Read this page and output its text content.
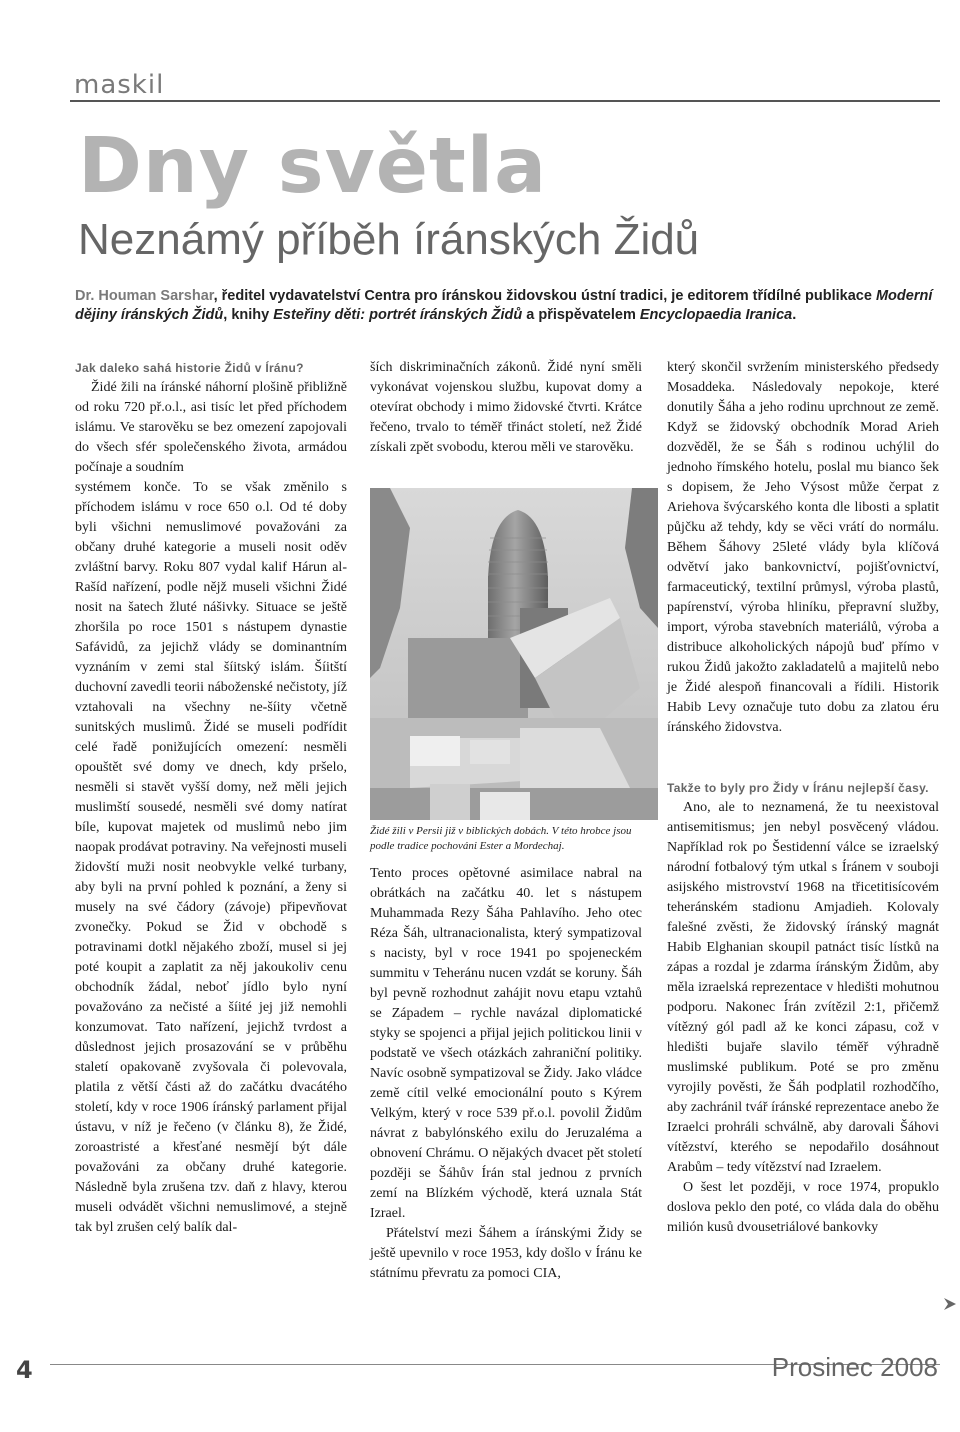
maskil
Dny světla
Neznámý příběh íránských Židů
Dr. Houman Sarshar, ředitel vydavatelství Centra pro íránskou židovskou ústní tradici, je editorem třídílné publikace Moderní dějiny íránských Židů, knihy Esteřiny děti: portrét íránských Židů a přispěvatelem Encyclopaedia Iranica.

Jak daleko sahá historie Židů v Íránu?

Židé žili na íránské náhorní plošině přibližně od roku 720 př.o.l., asi tisíc let před příchodem islámu. Ve starověku se bez omezení zapojovali do všech sfér společenského života, armádou počínaje a soudním

systémem konče. To se však změnilo s příchodem islámu v roce 650 o.l. Od té doby byli všichni nemuslimové považováni za občany druhé kategorie a museli nosit oděv zvláštní barvy. Roku 807 vydal kalif Hárun al-Rašíd nařízení, podle nějž museli všichni Židé nosit na šatech žluté nášivky. Situace se ještě zhoršila po roce 1501 s nástupem dynastie Safávidů, za jejichž vlády se dominantním vyznáním v zemi stal šíitský islám. Šíitští duchovní zavedli teorii náboženské nečistoty, jíž vztahovali na všechny ne-šíity včetně sunitských muslimů. Židé se museli podřídit celé řadě ponižujících omezení: nesměli opouštět své domy ve dnech, kdy pršelo, nesměli si stavět vyšší domy, než měli jejich muslimští sousedé, nesměli své domy natírat bíle, kupovat majetek od muslimů nebo jim naopak prodávat potraviny. Na veřejnosti museli židovští muži nosit neobvykle velké turbany, aby byli na první pohled k poznání, a ženy si musely na své čádory (závoje) připevňovat zvonečky. Pokud se Žid v obchodě s potravinami dotkl nějakého zboží, musel si jej poté koupit a zaplatit za něj jakoukoliv cenu obchodník žádal, neboť jídlo bylo nyní považováno za nečisté a šíité jej již nemohli konzumovat. Tato nařízení, jejichž tvrdost a důslednost jejich prosazování se v průběhu staletí opakovaně zvyšovala či polevovala, platila z větší části až do začátku dvacátého století, kdy v roce 1906 íránský parlament přijal ústavu, v níž je řečeno (v článku 8), že Židé, zoroastristé a křesťané nesmějí být dále považováni za občany druhé kategorie. Následně byla zrušena tzv. daň z hlavy, kterou museli odvádět všichni nemuslimové, a stejně tak byl zrušen celý balík dal-

ších diskriminačních zákonů. Židé nyní směli vykonávat vojenskou službu, kupovat domy a otevírat obchody i mimo židovské čtvrti. Krátce řečeno, trvalo to téměř třináct století, než Židé získali zpět svobodu, kterou měli ve starověku.

Židé žili v Persii již v biblických dobách. V této hrobce jsou podle tradice pochováni Ester a Mordechaj.

Tento proces opětovné asimilace nabral na obrátkách na začátku 40. let s nástupem Muhammada Rezy Šáha Pahlavího. Jeho otec Réza Šáh, ultranacionalista, který sympatizoval s nacisty, byl v roce 1941 po spojeneckém summitu v Teheránu nucen vzdát se koruny. Šáh byl pevně rozhodnut zahájit novu etapu vztahů se Západem – rychle navázal diplomatické styky se spojenci a přijal jejich politickou linii v podstatě ve všech otázkách zahraniční politiky. Navíc osobně sympatizoval se Židy. Jako vládce země cítil velké emocionální pouto s Kýrem Velkým, který v roce 539 př.o.l. povolil Židům návrat z babylónského exilu do Jeruzaléma a obnovení Chrámu. O nějakých dvacet pět století později se Šáhův Írán stal jednou z prvních zemí na Blízkém východě, která uznala Stát Izrael.

Přátelství mezi Šáhem a íránskými Židy se ještě upevnilo v roce 1953, kdy došlo v Íránu ke státnímu převratu za pomoci CIA,

který skončil svržením ministerského předsedy Mosaddeka. Následovaly nepokoje, které donutily Šáha a jeho rodinu uprchnout ze země. Když se židovský obchodník Morad Arieh dozvěděl, že se Šáh s rodinou uchýlil do jednoho římského hotelu, poslal mu bianco šek s dopisem, že Jeho Výsost může čerpat z Ariehova švýcarského konta dle libosti a splatit půjčku až tehdy, kdy se věci vrátí do normálu. Během Šáhovy 25leté vlády byla klíčová odvětví jako bankovnictví, pojišťovnictví, farmaceutický, textilní průmysl, výroba plastů, papírenství, výroba hliníku, přepravní služby, import, výroba stavebních materiálů, výroba a distribuce alkoholických nápojů buď přímo v rukou Židů jakožto zakladatelů a majitelů nebo je Židé alespoň financovali a řídili. Historik Habib Levy označuje tuto dobu za zlatou éru íránského židovstva.

Takže to byly pro Židy v Íránu nejlepší časy.

Ano, ale to neznamená, že tu neexistoval antisemitismus; jen nebyl posvěcený vládou. Například rok po Šestidenní válce se izraelský národní fotbalový tým utkal s Íránem v souboji asijského mistrovství 1968 na třicetitisícovém teheránském stadionu Amjadieh. Kolovaly falešné zvěsti, že židovský íránský magnát Habib Elghanian skoupil patnáct tisíc lístků na zápas a rozdal je zdarma íránským Židům, aby měla izraelská reprezentace v hledišti mohutnou podporu. Nakonec Írán zvítězil 2:1, přičemž vítězný gól padl až ke konci zápasu, což v hledišti bujaře slavilo téměř výhradně muslimské publikum. Poté se pro změnu vyrojily pověsti, že Šáh podplatil rozhodčího, aby zachránil tvář íránské reprezentace anebo že Izraelci prohráli schválně, aby darovali Šáhovi vítězství, kterého se nepodařilo dosáhnout Arabům – tedy vítězství nad Izraelem.

O šest let později, v roce 1974, propuklo doslova peklo den poté, co vláda dala do oběhu milión kusů dvousetriálové bankovky

4	Prosinec 2008
